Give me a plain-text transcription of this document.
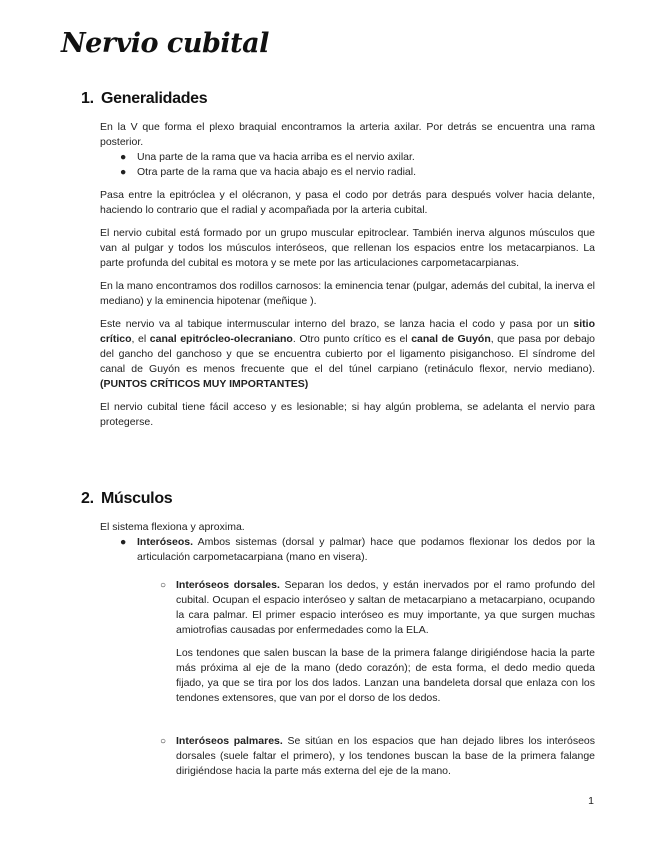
Nervio cubital
1. Generalidades

En la V que forma el plexo braquial encontramos la arteria axilar. Por detrás se encuentra una rama posterior.

● Una parte de la rama que va hacia arriba es el nervio axilar.
● Otra parte de la rama que va hacia abajo es el nervio radial.

Pasa entre la epitróclea y el olécranon, y pasa el codo por detrás para después volver hacia delante, haciendo lo contrario que el radial y acompañada por la arteria cubital.

El nervio cubital está formado por un grupo muscular epitroclear. También inerva algunos músculos que van al pulgar y todos los músculos interóseos, que rellenan los espacios entre los metacarpianos. La parte profunda del cubital es motora y se mete por las articulaciones carpometacarpianas.

En la mano encontramos dos rodillos carnosos: la eminencia tenar (pulgar, además del cubital, la inerva el mediano) y la eminencia hipotenar (meñique ).

Este nervio va al tabique intermuscular interno del brazo, se lanza hacia el codo y pasa por un sitio crítico, el canal epitrócleo-olecraniano. Otro punto crítico es el canal de Guyón, que pasa por debajo del gancho del ganchoso y que se encuentra cubierto por el ligamento pisiganchoso. El síndrome del canal de Guyón es menos frecuente que el del túnel carpiano (retináculo flexor, nervio mediano). (PUNTOS CRÍTICOS MUY IMPORTANTES)

El nervio cubital tiene fácil acceso y es lesionable; si hay algún problema, se adelanta el nervio para protegerse.

2. Músculos
El sistema flexiona y aproxima.
● Interóseos. Ambos sistemas (dorsal y palmar) hace que podamos flexionar los dedos por la articulación carpometacarpiana (mano en visera).
○ Interóseos dorsales. Separan los dedos, y están inervados por el ramo profundo del cubital. Ocupan el espacio interóseo y saltan de metacarpiano a metacarpiano, ocupando la cara palmar. El primer espacio interóseo es muy importante, ya que surgen muchas amiotrofias causadas por enfermedades como la ELA.

Los tendones que salen buscan la base de la primera falange dirigiéndose hacia la parte más próxima al eje de la mano (dedo corazón); de esta forma, el dedo medio queda fijado, ya que se tira por los dos lados. Lanzan una bandeleta dorsal que enlaza con los tendones extensores, que van por el dorso de los dedos.

○ Interóseos palmares. Se sitúan en los espacios que han dejado libres los interóseos dorsales (suele faltar el primero), y los tendones buscan la base de la primera falange dirigiéndose hacia la parte más externa del eje de la mano.

1
